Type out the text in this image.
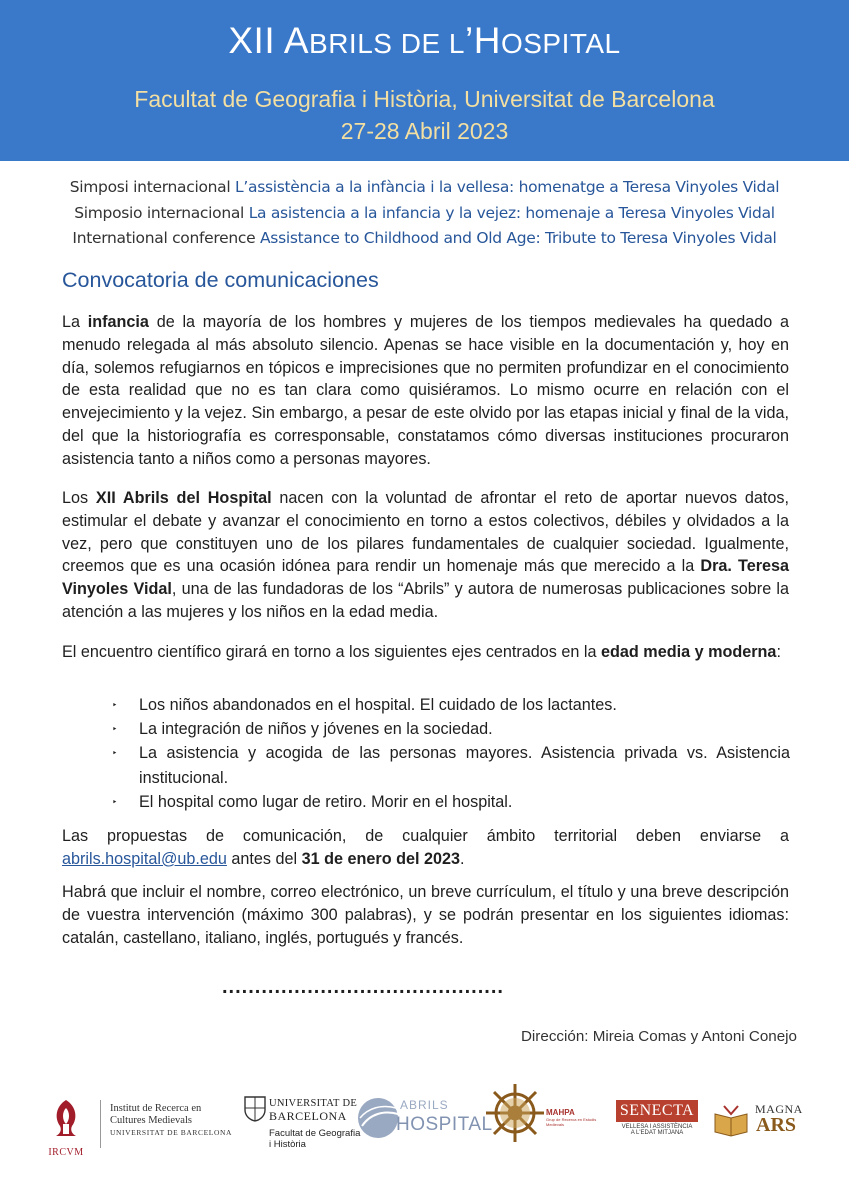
XII ABRILS DE L’HOSPITAL
Facultat de Geografia i Història, Universitat de Barcelona
27-28 Abril 2023
Simposi internacional L’assistència a la infància i la vellesa: homenatge a Teresa Vinyoles Vidal
Simposio internacional La asistencia a la infancia y la vejez: homenaje a Teresa Vinyoles Vidal
International conference Assistance to Childhood and Old Age: Tribute to Teresa Vinyoles Vidal
Convocatoria de comunicaciones
La infancia de la mayoría de los hombres y mujeres de los tiempos medievales ha quedado a menudo relegada al más absoluto silencio. Apenas se hace visible en la documentación y, hoy en día, solemos refugiarnos en tópicos e imprecisiones que no permiten profundizar en el conocimiento de esta realidad que no es tan clara como quisiéramos. Lo mismo ocurre en relación con el envejecimiento y la vejez. Sin embargo, a pesar de este olvido por las etapas inicial y final de la vida, del que la historiografía es corresponsable, constatamos cómo diversas instituciones procuraron asistencia tanto a niños como a personas mayores.
Los XII Abrils del Hospital nacen con la voluntad de afrontar el reto de aportar nuevos datos, estimular el debate y avanzar el conocimiento en torno a estos colectivos, débiles y olvidados a la vez, pero que constituyen uno de los pilares fundamentales de cualquier sociedad. Igualmente, creemos que es una ocasión idónea para rendir un homenaje más que merecido a la Dra. Teresa Vinyoles Vidal, una de las fundadoras de los “Abrils” y autora de numerosas publicaciones sobre la atención a las mujeres y los niños en la edad media.
El encuentro científico girará en torno a los siguientes ejes centrados en la edad media y moderna:
‣ Los niños abandonados en el hospital. El cuidado de los lactantes.
‣ La integración de niños y jóvenes en la sociedad.
‣ La asistencia y acogida de las personas mayores. Asistencia privada vs. Asistencia institucional.
‣ El hospital como lugar de retiro. Morir en el hospital.
Las propuestas de comunicación, de cualquier ámbito territorial deben enviarse a abrils.hospital@ub.edu antes del 31 de enero del 2023.
Habrá que incluir el nombre, correo electrónico, un breve currículum, el título y una breve descripción de vuestra intervención (máximo 300 palabras), y se podrán presentar en los siguientes idiomas: catalán, castellano, italiano, inglés, portugués y francés.
...........................................
Dirección: Mireia Comas y Antoni Conejo
IRCVM
Institut de Recerca en
Cultures Medievals
UNIVERSITAT DE BARCELONA
UNIVERSITAT DE
BARCELONA
Facultat de Geografia
i Història
ABRILS
HOSPITAL
MAHPA
Grup de Recerca en Estudis Medievals
SENECTA
VELLESA I ASSISTÈNCIA
A L'EDAT MITJANA
MAGNA
ARS
